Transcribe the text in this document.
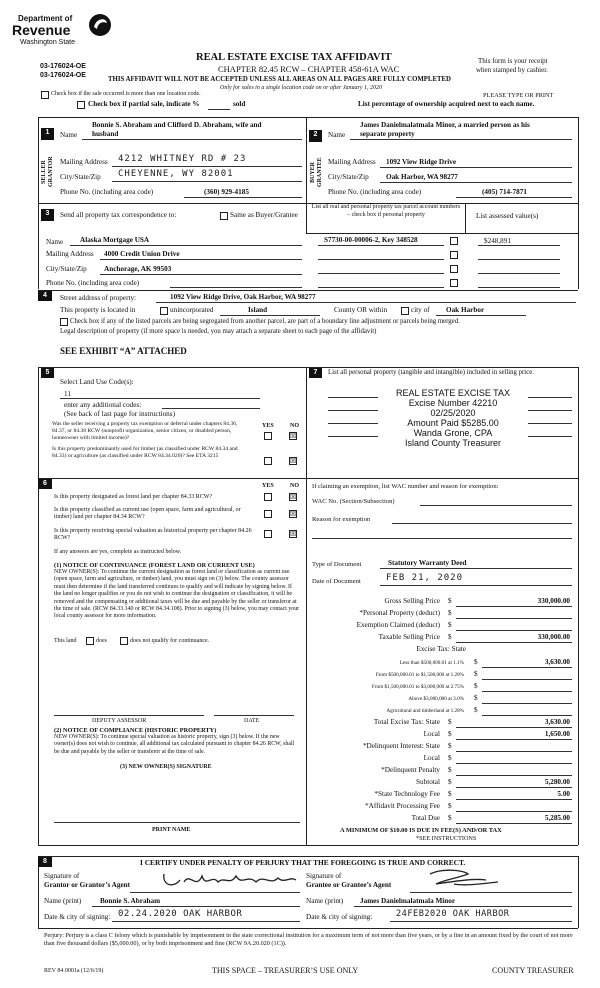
Department of
Revenue
Washington State
03-176024-OE
03-176024-OE
REAL ESTATE EXCISE TAX AFFIDAVIT
CHAPTER 82.45 RCW – CHAPTER 458-61A WAC
THIS AFFIDAVIT WILL NOT BE ACCEPTED UNLESS ALL AREAS ON ALL PAGES ARE FULLY COMPLETED
Only for sales in a single location code on or after January 1, 2020
This form is your receipt
when stamped by cashier.
PLEASE TYPE OR PRINT
Check box if the sale occurred is more than one location code.
Check box if partial sale, indicate %	sold	List percentage of ownership acquired next to each name.
1
SELLER GRANTOR
Bonnie S. Abraham and Clifford D. Abraham, wife and
Name husband
Mailing Address 4212 WHITNEY RD # 23
City/State/Zip CHEYENNE, WY 82001
Phone No. (including area code)	(360) 929-4185
2
BUYER GRANTEE
James Danielmalatmala Minor, a married person as his
Name separate property
Mailing Address 1092 View Ridge Drive
City/State/Zip Oak Harbor, WA 98277
Phone No. (including area code)	(405) 714-7871
3	Send all property tax correspondence to:	Same as Buyer/Grantee
List all real and personal property tax parcel account numbers – check box if personal property	List assessed value(s)
Name Alaska Mortgage USA
Mailing Address 4000 Credit Union Drive
City/State/Zip Anchorage, AK 99503
Phone No. (including area code)
S7730-00-00006-2, Key 348528	$248,891
4	Street address of property:	1092 View Ridge Drive, Oak Harbor, WA 98277
This property is located in	unincorporated	Island	County OR within	city of Oak Harbor
Check box if any of the listed parcels are being segregated from another parcel, are part of a boundary line adjustment or parcels being merged.
Legal description of property (if more space is needed, you may attach a separate sheet to each page of the affidavit)
SEE EXHIBIT “A” ATTACHED
5
Select Land Use Code(s):
11
enter any additional codes:
(See back of last page for instructions)
YES	NO
Was the seller receiving a property tax exemption or deferral under chapters 84.36, 84.37, or 84.38 RCW (nonprofit organization, senior citizen, or disabled person, homeowner with limited income)?	☒
Is this property predominantly used for timber (as classified under RCW 84.34 and 84.33) or agriculture (as classified under RCW 84.34.020)? See ETA 3215
☒
6	YES	NO
Is this property designated as forest land per chapter 84.33 RCW?	☒
Is this property classified as current use (open space, farm and agricultural, or timber) land per chapter 84.34 RCW?	☒
Is this property receiving special valuation as historical property per chapter 84.26 RCW?	☒
If any answers are yes, complete as instructed below.
(1) NOTICE OF CONTINUANCE (FOREST LAND OR CURRENT USE)
NEW OWNER(S): To continue the current designation as forest land or classification as current use (open space, farm and agriculture, or timber) land, you must sign on (3) below. The county assessor must then determine if the land transferred continues to qualify and will indicate by signing below. If the land no longer qualifies or you do not wish to continue the designation or classification, it will be removed and the compensating or additional taxes will be due and payable by the seller or transferor at the time of sale. (RCW 84.33.140 or RCW 84.34.108). Prior to signing (3) below, you may contact your local county assessor for more information.
This land	does	does not qualify for continuance.
DEPUTY ASSESSOR	DATE
(2) NOTICE OF COMPLIANCE (HISTORIC PROPERTY)
NEW OWNER(S): To continue special valuation as historic property, sign (3) below. If the new owner(s) does not wish to continue, all additional tax calculated pursuant to chapter 84.26 RCW, shall be due and payable by the seller or transferor at the time of sale.
(3) NEW OWNER(S) SIGNATURE
PRINT NAME
7	List all personal property (tangible and intangible) included in selling price.
REAL ESTATE EXCISE TAX
Excise Number 42210
02/25/2020
Amount Paid $5285.00
Wanda Grone, CPA
Island County Treasurer
If claiming an exemption, list WAC number and reason for exemption:
WAC No. (Section/Subsection)
Reason for exemption
Type of Document	Statutory Warranty Deed
Date of Document	FEB 21, 2020
Gross Selling Price $	330,000.00
*Personal Property (deduct) $
Exemption Claimed (deduct) $
Taxable Selling Price $	330,000.00
Excise Tax: State
Less than $500,000.01 at 1.1% $	3,630.00
From $500,000.01 to $1,500,000 at 1.28% $
From $1,500,000.01 to $3,000,000 at 2.75% $
Above $3,000,000 at 3.0% $
Agricultural and timberland at 1.28% $
Total Excise Tax: State $	3,630.00
Local $	1,650.00
*Delinquent Interest: State $
Local $
*Delinquent Penalty $
Subtotal $	5,280.00
*State Technology Fee $	5.00
*Affidavit Processing Fee $
Total Due $	5,285.00
A MINIMUM OF $10.00 IS DUE IN FEE(S) AND/OR TAX
*SEE INSTRUCTIONS
8	I CERTIFY UNDER PENALTY OF PERJURY THAT THE FOREGOING IS TRUE AND CORRECT.
Signature of
Grantor or Grantor’s Agent
Name (print)	Bonnie S. Abraham
Date & city of signing: 02.24.2020 OAK HARBOR
Signature of
Grantee or Grantee’s Agent
Name (print) James Danielmalatmala Minor
Date & city of signing:	24FEB2020 OAK HARBOR
Perjury: Perjury is a class C felony which is punishable by imprisonment in the state correctional institution for a maximum term of not more than five years, or by a fine in an amount fixed by the court of not more than five thousand dollars ($5,000.00), or by both imprisonment and fine (RCW 9A.20.020 (1C)).
REV 84 0001a (12/6/19)	THIS SPACE – TREASURER’S USE ONLY	COUNTY TREASURER
